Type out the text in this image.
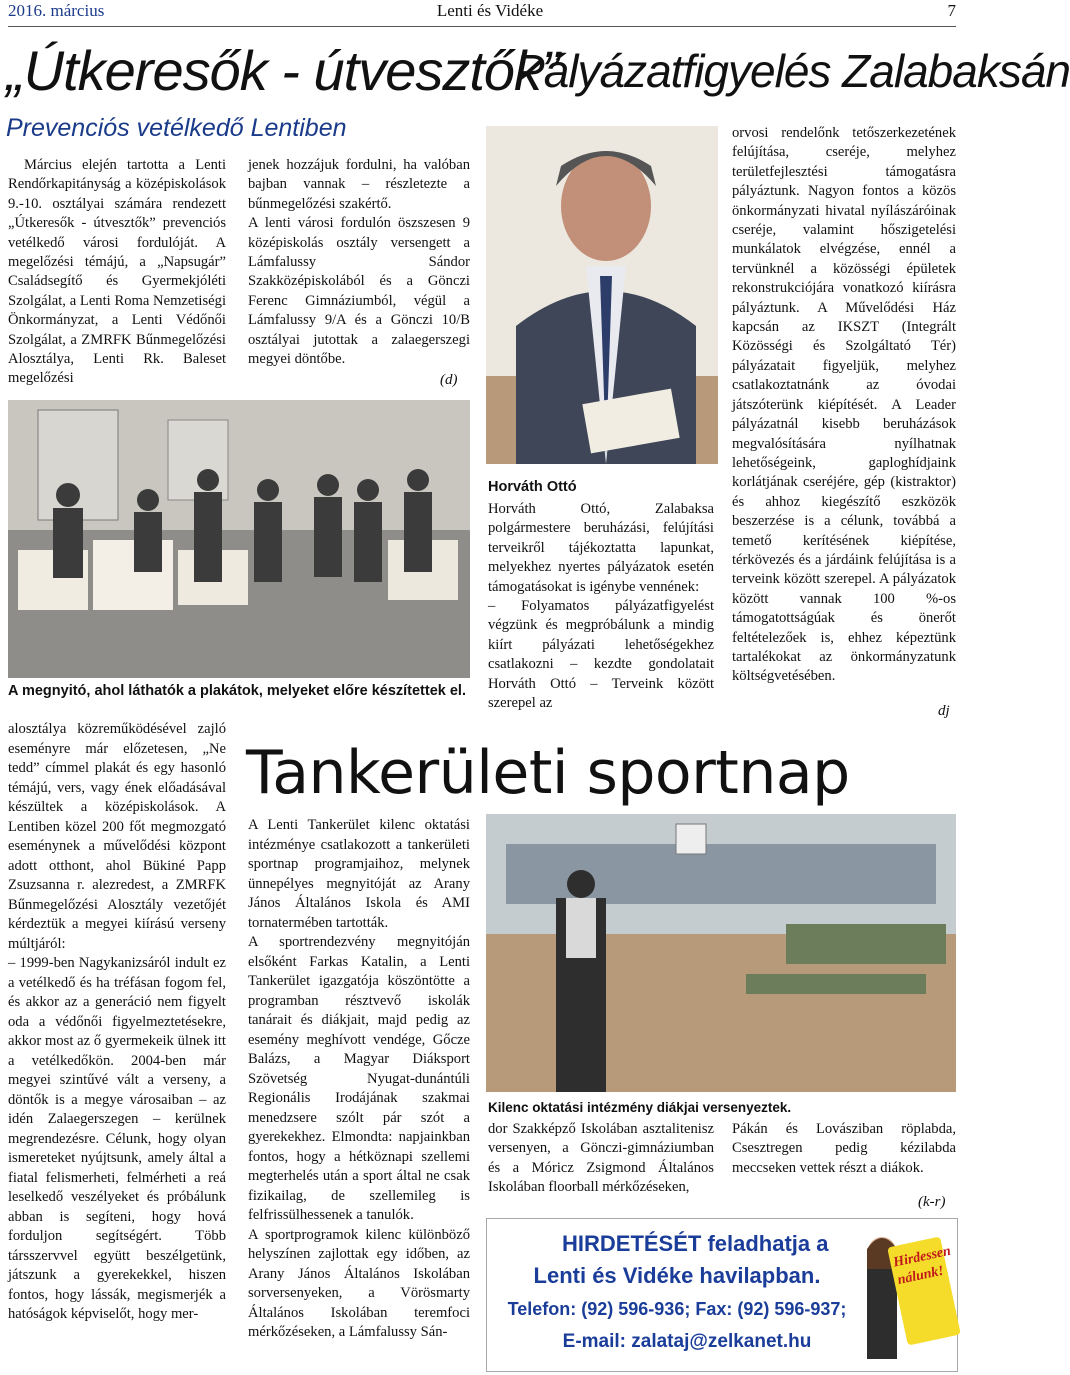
2016. március	Lenti és Vidéke	7
„Útkeresők - útvesztők”
Pályázatfigyelés Zalabaksán
Prevenciós vetélkedő Lentiben
Március elején tartotta a Lenti Rendőrkapitányság a középiskolások 9.-10. osztályai számára rendezett „Útkeresők - útvesztők” prevenciós vetélkedő városi fordulóját. A megelőzési témájú, a „Napsugár” Családsegítő és Gyermekjóléti Szolgálat, a Lenti Roma Nemzetiségi Önkormányzat, a Lenti Védőnői Szolgálat, a ZMRFK Bűnmegelőzési Alosztálya, Lenti Rk. Baleset megelőzési
jenek hozzájuk fordulni, ha valóban bajban vannak – részletezte a bűnmegelőzési szakértő.
A lenti városi fordulón öszszesen 9 középiskolás osztály versengett a Lámfalussy Sándor Szakközépiskolából és a Gönczi Ferenc Gimnáziumból, végül a Lámfalussy 9/A és a Gönczi 10/B osztályai jutottak a zalaegerszegi megyei döntőbe.
(d)
A megnyitó, ahol láthatók a plakátok, melyeket előre készítettek el.
alosztálya közreműködésével zajló eseményre már előzetesen, „Ne tedd” címmel plakát és egy hasonló témájú, vers, vagy ének előadásával készültek a középiskolások. A Lentiben közel 200 főt megmozgató eseménynek a művelődési központ adott otthont, ahol Bükiné Papp Zsuzsanna r. alezredest, a ZMRFK Bűnmegelőzési Alosztály vezetőjét kérdeztük a megyei kiírású verseny múltjáról:
– 1999-ben Nagykanizsáról indult ez a vetélkedő és ha tréfásan fogom fel, és akkor az a generáció nem figyelt oda a védőnői figyelmeztetésekre, akkor most az ő gyermekeik ülnek itt a vetélkedőkön. 2004-ben már megyei szintűvé vált a verseny, a döntők is a megye városaiban – az idén Zalaegerszegen – kerülnek megrendezésre. Célunk, hogy olyan ismereteket nyújtsunk, amely által a fiatal felismerheti, felmérheti a reá leselkedő veszélyeket és próbálunk abban is segíteni, hogy hová forduljon segítségért. Több társszervvel együtt beszélgetünk, játszunk a gyerekekkel, hiszen fontos, hogy lássák, megismerjék a hatóságok képviselőt, hogy mer-
Horváth Ottó
Horváth Ottó, Zalabaksa polgármestere beruházási, felújítási terveikről tájékoztatta lapunkat, melyekhez nyertes pályázatok esetén támogatásokat is igénybe vennének:
– Folyamatos pályázatfigyelést végzünk és megpróbálunk a mindig kiírt pályázati lehetőségekhez csatlakozni – kezdte gondolatait Horváth Ottó – Terveink között szerepel az
orvosi rendelőnk tetőszerkezetének felújítása, cseréje, melyhez területfejlesztési támogatásra pályáztunk. Nagyon fontos a közös önkormányzati hivatal nyílászáróinak cseréje, valamint hőszigetelési munkálatok elvégzése, ennél a tervünknél a közösségi épületek rekonstrukciójára vonatkozó kiírásra pályáztunk. A Művelődési Ház kapcsán az IKSZT (Integrált Közösségi és Szolgáltató Tér) pályázatait figyeljük, melyhez csatlakoztatnánk az óvodai játszóterünk kiépítését. A Leader pályázatnál kisebb beruházások megvalósítására nyílhatnak lehetőségeink, gaploghídjaink korlátjának cseréjére, gép (kistraktor) és ahhoz kiegészítő eszközök beszerzése is a célunk, továbbá a temető kerítésének kiépítése, térkövezés és a járdáink felújítása is a terveink között szerepel. A pályázatok között vannak 100 %-os támogatottságúak és önerőt feltételezőek is, ehhez képeztünk tartalékokat az önkormányzatunk költségvetésében.
dj
Tankerületi sportnap
A Lenti Tankerület kilenc oktatási intézménye csatlakozott a tankerületi sportnap programjaihoz, melynek ünnepélyes megnyitóját az Arany János Általános Iskola és AMI tornatermében tartották.
A sportrendezvény megnyitóján elsőként Farkas Katalin, a Lenti Tankerület igazgatója köszöntötte a programban résztvevő iskolák tanárait és diákjait, majd pedig az esemény meghívott vendége, Gőcze Balázs, a Magyar Diáksport Szövetség Nyugat-dunántúli Regionális Irodájának szakmai menedzsere szólt pár szót a gyerekekhez. Elmondta: napjainkban fontos, hogy a hétköznapi szellemi megterhelés után a sport által ne csak fizikailag, de szellemileg is felfrissülhessenek a tanulók.
A sportprogramok kilenc különböző helyszínen zajlottak egy időben, az Arany János Általános Iskolában sorversenyeken, a Vörösmarty Általános Iskolában teremfoci mérkőzéseken, a Lámfalussy Sán-
Kilenc oktatási intézmény diákjai versenyeztek.
dor Szakképző Iskolában asztalitenisz versenyen, a Gönczi-gimnáziumban és a Móricz Zsigmond Általános Iskolában floorball mérkőzéseken,
Pákán és Lovásziban röplabda, Csesztregen pedig kézilabda meccseken vettek részt a diákok.
(k-r)
HIRDETÉSÉT feladhatja a
Lenti és Vidéke havilapban.
Telefon: (92) 596-936; Fax: (92) 596-937;
E-mail: zalataj@zelkanet.hu
Hirdessen nálunk!
